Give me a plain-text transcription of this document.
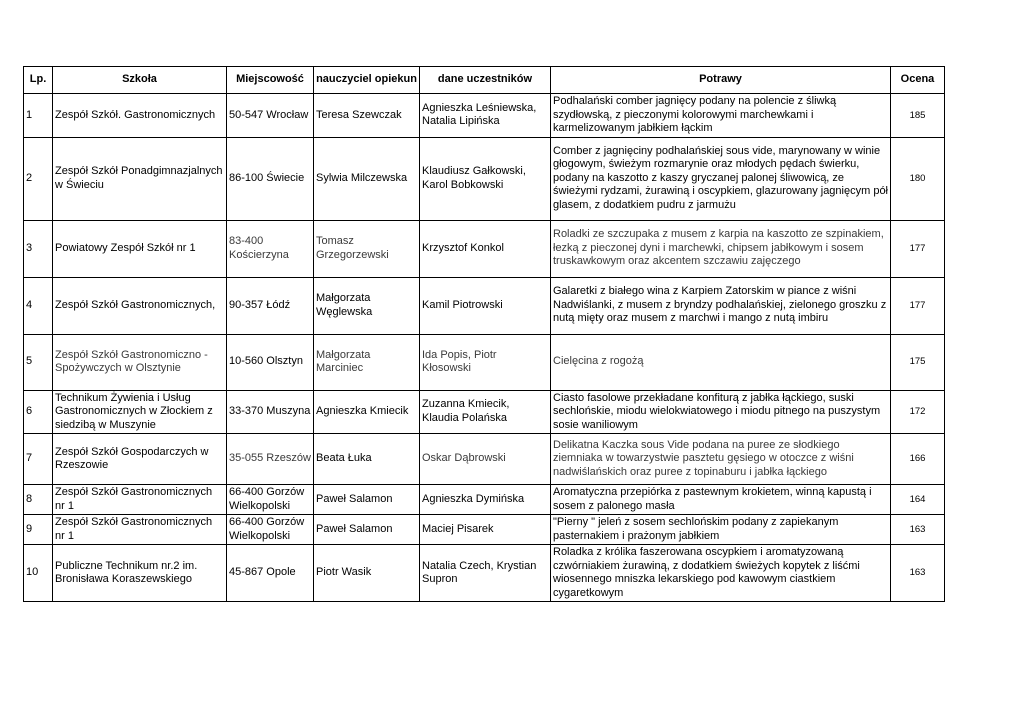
Lp.	Szkoła	Miejscowość	nauczyciel opiekun	dane uczestników	Potrawy	Ocena
1	Zespół Szkół. Gastronomicznych	50-547 Wrocław	Teresa Szewczak	Agnieszka Leśniewska, Natalia Lipińska	Podhalański comber jagnięcy podany na polencie z śliwką szydłowską, z pieczonymi kolorowymi marchewkami i karmelizowanym jabłkiem łąckim	185
2	Zespół Szkół Ponadgimnazjalnych w Świeciu	86-100 Świecie	Sylwia Milczewska	Klaudiusz Gałkowski, Karol Bobkowski	Comber z jagnięciny podhalańskiej sous vide, marynowany w winie głogowym, świeżym rozmarynie oraz młodych pędach świerku, podany na kaszotto z kaszy gryczanej palonej śliwowicą, ze świeżymi rydzami, żurawiną i oscypkiem, glazurowany jagnięcym pół glasem, z dodatkiem pudru z jarmużu	180
3	Powiatowy Zespół Szkół nr 1	83-400 Kościerzyna	Tomasz Grzegorzewski	Krzysztof Konkol	Roladki ze szczupaka z musem z karpia na kaszotto ze szpinakiem, łezką z pieczonej dyni i marchewki, chipsem jabłkowym i sosem truskawkowym oraz akcentem szczawiu zajęczego	177
4	Zespół Szkół Gastronomicznych,	90-357 Łódź	Małgorzata Węglewska	Kamil Piotrowski	Galaretki z białego wina z Karpiem Zatorskim w piance z wiśni Nadwiślanki, z musem z bryndzy podhalańskiej, zielonego groszku z nutą mięty oraz musem z marchwi i mango z nutą imbiru	177
5	Zespół Szkół Gastronomiczno - Spożywczych w Olsztynie	10-560 Olsztyn	Małgorzata Marciniec	Ida Popis, Piotr Kłosowski	Cielęcina z rogożą	175
6	Technikum Żywienia i Usług Gastronomicznych w Złockiem z siedzibą w Muszynie	33-370 Muszyna	Agnieszka Kmiecik	Zuzanna Kmiecik, Klaudia Polańska	Ciasto fasolowe przekładane konfiturą z jabłka łąckiego, suski sechlońskie, miodu wielokwiatowego i miodu pitnego na puszystym sosie waniliowym	172
7	Zespół Szkół Gospodarczych w Rzeszowie	35-055 Rzeszów	Beata Łuka	Oskar Dąbrowski	Delikatna Kaczka sous Vide podana na puree ze słodkiego ziemniaka w towarzystwie pasztetu gęsiego w otoczce z wiśni nadwiślańskich oraz puree z topinaburu i jabłka łąckiego	166
8	Zespół Szkół Gastronomicznych nr 1	66-400 Gorzów Wielkopolski	Paweł Salamon	Agnieszka Dymińska	Aromatyczna przepiórka z pastewnym krokietem, winną kapustą i sosem z palonego masła	164
9	Zespół Szkół Gastronomicznych nr 1	66-400 Gorzów Wielkopolski	Paweł Salamon	Maciej Pisarek	"Pierny " jeleń z sosem sechlońskim podany z zapiekanym pasternakiem i prażonym jabłkiem	163
10	Publiczne Technikum nr.2 im. Bronisława Koraszewskiego	45-867 Opole	Piotr Wasik	Natalia Czech, Krystian Supron	Roladka z królika faszerowana oscypkiem i aromatyzowaną czwórniakiem żurawiną, z dodatkiem świeżych kopytek z liśćmi wiosennego mniszka lekarskiego pod kawowym ciastkiem cygaretkowym	163
